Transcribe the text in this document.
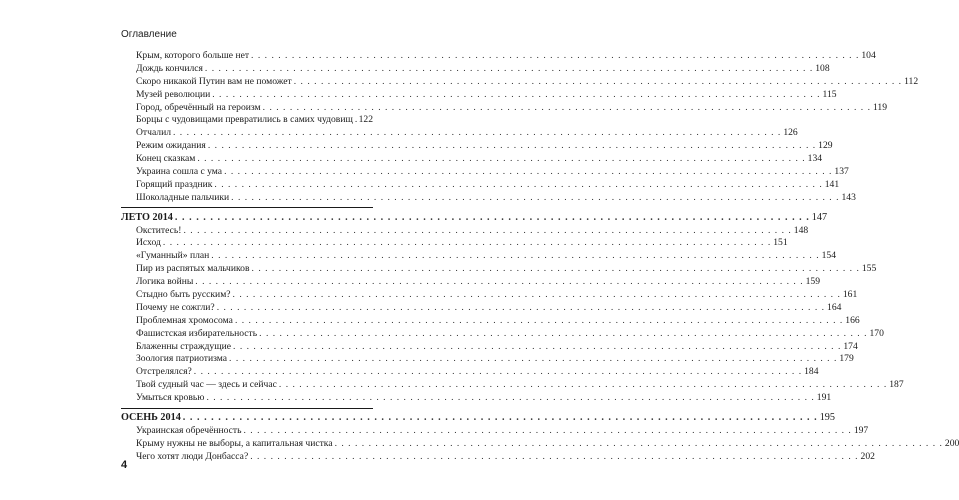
Оглавление
Крым, которого больше нет . . . . . . . . . . . . . . . . . . . . . . . . . . . . . . . . . . . . . . . . . . . . . . . . . . . . . . . . . . . . . . . . . . . . . . . . . . . . . . . . . . . . . . . . . . 104
Дождь кончился . . . . . . . . . . . . . . . . . . . . . . . . . . . . . . . . . . . . . . . . . . . . . . . . . . . . . . . . . . . . . . . . . . . . . . . . . . . . . . . . . . . . . . . . . . 108
Скоро никакой Путин вам не поможет . . . . . . . . . . . . . . . . . . . . . . . . . . . . . . . . . . . . . . . . . . . . . . . . . . . . . . . . . . . . . . . . . . . . . . . . . . . . . . . . . . . . . . . . . . 112
Музей революции . . . . . . . . . . . . . . . . . . . . . . . . . . . . . . . . . . . . . . . . . . . . . . . . . . . . . . . . . . . . . . . . . . . . . . . . . . . . . . . . . . . . . . . . . . 115
Город, обречённый на героизм . . . . . . . . . . . . . . . . . . . . . . . . . . . . . . . . . . . . . . . . . . . . . . . . . . . . . . . . . . . . . . . . . . . . . . . . . . . . . . . . . . . . . . . . . . 119
Борцы с чудовищами превратились в самих чудовищ 122
Отчалил . . . . . . . . . . . . . . . . . . . . . . . . . . . . . . . . . . . . . . . . . . . . . . . . . . . . . . . . . . . . . . . . . . . . . . . . . . . . . . . . . . . . . . . . . . 126
Режим ожидания . . . . . . . . . . . . . . . . . . . . . . . . . . . . . . . . . . . . . . . . . . . . . . . . . . . . . . . . . . . . . . . . . . . . . . . . . . . . . . . . . . . . . . . . . . 129
Конец сказкам . . . . . . . . . . . . . . . . . . . . . . . . . . . . . . . . . . . . . . . . . . . . . . . . . . . . . . . . . . . . . . . . . . . . . . . . . . . . . . . . . . . . . . . . . . 134
Украина сошла с ума . . . . . . . . . . . . . . . . . . . . . . . . . . . . . . . . . . . . . . . . . . . . . . . . . . . . . . . . . . . . . . . . . . . . . . . . . . . . . . . . . . . . . . . . . . 137
Горящий праздник . . . . . . . . . . . . . . . . . . . . . . . . . . . . . . . . . . . . . . . . . . . . . . . . . . . . . . . . . . . . . . . . . . . . . . . . . . . . . . . . . . . . . . . . . . 141
Шоколадные пальчики . . . . . . . . . . . . . . . . . . . . . . . . . . . . . . . . . . . . . . . . . . . . . . . . . . . . . . . . . . . . . . . . . . . . . . . . . . . . . . . . . . . . . . . . . . 143
ЛЕТО 2014 . . . . . . . . . . . . . . . . . . . . . . . . . . . . . . . . . . . . . . . . . . . . . . . . . . . . . . . . . . . . . . . . . . . . . . . . . . . . . . . . . . . . . . . . . . 147
Окститесь! . . . . . . . . . . . . . . . . . . . . . . . . . . . . . . . . . . . . . . . . . . . . . . . . . . . . . . . . . . . . . . . . . . . . . . . . . . . . . . . . . . . . . . . . . . 148
Исход . . . . . . . . . . . . . . . . . . . . . . . . . . . . . . . . . . . . . . . . . . . . . . . . . . . . . . . . . . . . . . . . . . . . . . . . . . . . . . . . . . . . . . . . . . 151
«Гуманный» план . . . . . . . . . . . . . . . . . . . . . . . . . . . . . . . . . . . . . . . . . . . . . . . . . . . . . . . . . . . . . . . . . . . . . . . . . . . . . . . . . . . . . . . . . . 154
Пир из распятых мальчиков . . . . . . . . . . . . . . . . . . . . . . . . . . . . . . . . . . . . . . . . . . . . . . . . . . . . . . . . . . . . . . . . . . . . . . . . . . . . . . . . . . . . . . . . . . 155
Логика войны . . . . . . . . . . . . . . . . . . . . . . . . . . . . . . . . . . . . . . . . . . . . . . . . . . . . . . . . . . . . . . . . . . . . . . . . . . . . . . . . . . . . . . . . . . 159
Стыдно быть русским? . . . . . . . . . . . . . . . . . . . . . . . . . . . . . . . . . . . . . . . . . . . . . . . . . . . . . . . . . . . . . . . . . . . . . . . . . . . . . . . . . . . . . . . . . . 161
Почему не сожгли? . . . . . . . . . . . . . . . . . . . . . . . . . . . . . . . . . . . . . . . . . . . . . . . . . . . . . . . . . . . . . . . . . . . . . . . . . . . . . . . . . . . . . . . . . . 164
Проблемная хромосома . . . . . . . . . . . . . . . . . . . . . . . . . . . . . . . . . . . . . . . . . . . . . . . . . . . . . . . . . . . . . . . . . . . . . . . . . . . . . . . . . . . . . . . . . . 166
Фашистская избирательность . . . . . . . . . . . . . . . . . . . . . . . . . . . . . . . . . . . . . . . . . . . . . . . . . . . . . . . . . . . . . . . . . . . . . . . . . . . . . . . . . . . . . . . . . . 170
Блаженны страждущие . . . . . . . . . . . . . . . . . . . . . . . . . . . . . . . . . . . . . . . . . . . . . . . . . . . . . . . . . . . . . . . . . . . . . . . . . . . . . . . . . . . . . . . . . . 174
Зоология патриотизма . . . . . . . . . . . . . . . . . . . . . . . . . . . . . . . . . . . . . . . . . . . . . . . . . . . . . . . . . . . . . . . . . . . . . . . . . . . . . . . . . . . . . . . . . . 179
Отстрелялся? . . . . . . . . . . . . . . . . . . . . . . . . . . . . . . . . . . . . . . . . . . . . . . . . . . . . . . . . . . . . . . . . . . . . . . . . . . . . . . . . . . . . . . . . . . 184
Твой судный час — здесь и сейчас . . . . . . . . . . . . . . . . . . . . . . . . . . . . . . . . . . . . . . . . . . . . . . . . . . . . . . . . . . . . . . . . . . . . . . . . . . . . . . . . . . . . . . . . . . 187
Умыться кровью . . . . . . . . . . . . . . . . . . . . . . . . . . . . . . . . . . . . . . . . . . . . . . . . . . . . . . . . . . . . . . . . . . . . . . . . . . . . . . . . . . . . . . . . . . 191
ОСЕНЬ 2014 . . . . . . . . . . . . . . . . . . . . . . . . . . . . . . . . . . . . . . . . . . . . . . . . . . . . . . . . . . . . . . . . . . . . . . . . . . . . . . . . . . . . . . . . . . 195
Украинская обречённость . . . . . . . . . . . . . . . . . . . . . . . . . . . . . . . . . . . . . . . . . . . . . . . . . . . . . . . . . . . . . . . . . . . . . . . . . . . . . . . . . . . . . . . . . . 197
Крыму нужны не выборы, а капитальная чистка . . . . . . . . . . . . . . . . . . . . . . . . . . . . . . . . . . . . . . . . . . . . . . . . . . . . . . . . . . . . . . . . . . . . . . . . . . . . . . . . . . . . . . . . . . 200
Чего хотят люди Донбасса? . . . . . . . . . . . . . . . . . . . . . . . . . . . . . . . . . . . . . . . . . . . . . . . . . . . . . . . . . . . . . . . . . . . . . . . . . . . . . . . . . . . . . . . . . . 202
4
